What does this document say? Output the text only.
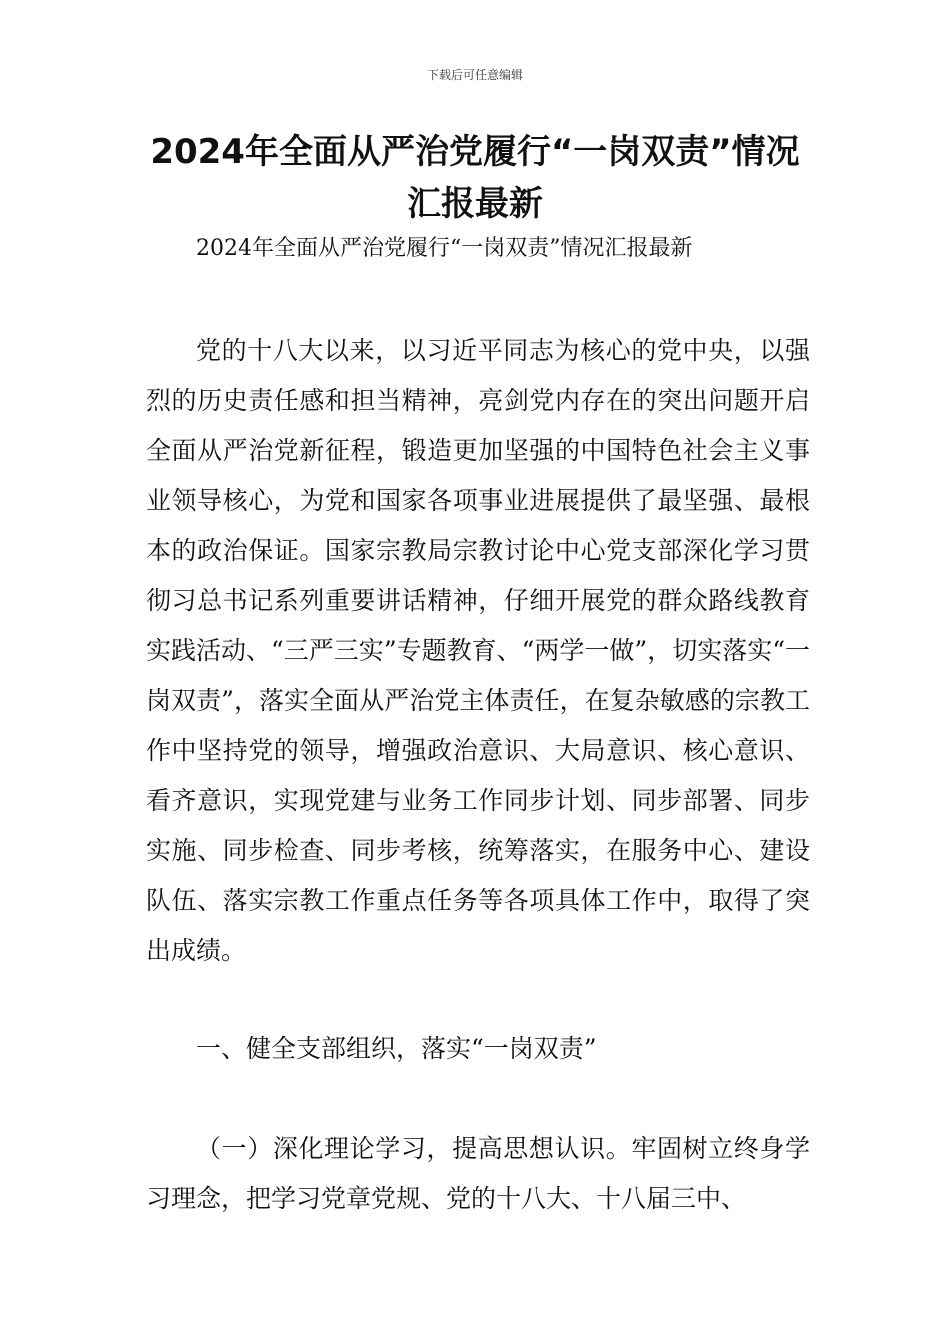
下载后可任意编辑
2024年全面从严治党履行“一岗双责”情况汇报最新
2024年全面从严治党履行“一岗双责”情况汇报最新

党的十八大以来，以习近平同志为核心的党中央，以强烈的历史责任感和担当精神，亮剑党内存在的突出问题开启全面从严治党新征程，锻造更加坚强的中国特色社会主义事业领导核心，为党和国家各项事业进展提供了最坚强、最根本的政治保证。国家宗教局宗教讨论中心党支部深化学习贯彻习总书记系列重要讲话精神，仔细开展党的群众路线教育实践活动、“三严三实”专题教育、“两学一做”，切实落实“一岗双责”，落实全面从严治党主体责任，在复杂敏感的宗教工作中坚持党的领导，增强政治意识、大局意识、核心意识、看齐意识，实现党建与业务工作同步计划、同步部署、同步实施、同步检查、同步考核，统筹落实，在服务中心、建设队伍、落实宗教工作重点任务等各项具体工作中，取得了突出成绩。

一、健全支部组织，落实“一岗双责”

（一）深化理论学习，提高思想认识。牢固树立终身学习理念，把学习党章党规、党的十八大、十八届三中、
